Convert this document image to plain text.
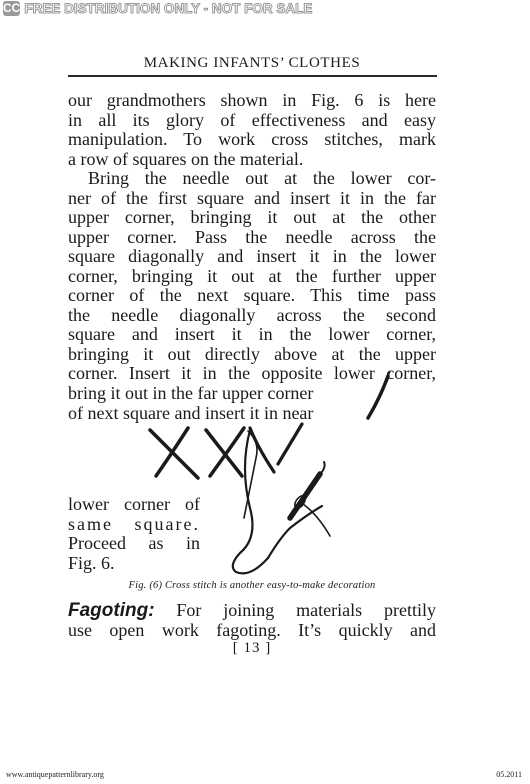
CC FREE DISTRIBUTION ONLY - NOT FOR SALE
MAKING INFANTS’ CLOTHES

our grandmothers shown in Fig. 6 is here

in all its glory of effectiveness and easy

manipulation. To work cross stitches, mark

a row of squares on the material.

Bring the needle out at the lower cor-

ner of the first square and insert it in the far

upper corner, bringing it out at the other

upper corner. Pass the needle across the

square diagonally and insert it in the lower

corner, bringing it out at the further upper

corner of the next square. This time pass

the needle diagonally across the second

square and insert it in the lower corner,

bringing it out directly above at the upper

corner. Insert it in the opposite lower corner,

bring it out in the far upper corner

of next square and insert it in near

lower corner of

same square.

Proceed as in

Fig. 6.

Fig. (6) Cross stitch is another easy-to-make decoration

Fagoting: For joining materials prettily

use open work fagoting. It’s quickly and

[ 13 ]
www.antiquepatternlibrary.org	05.2011
